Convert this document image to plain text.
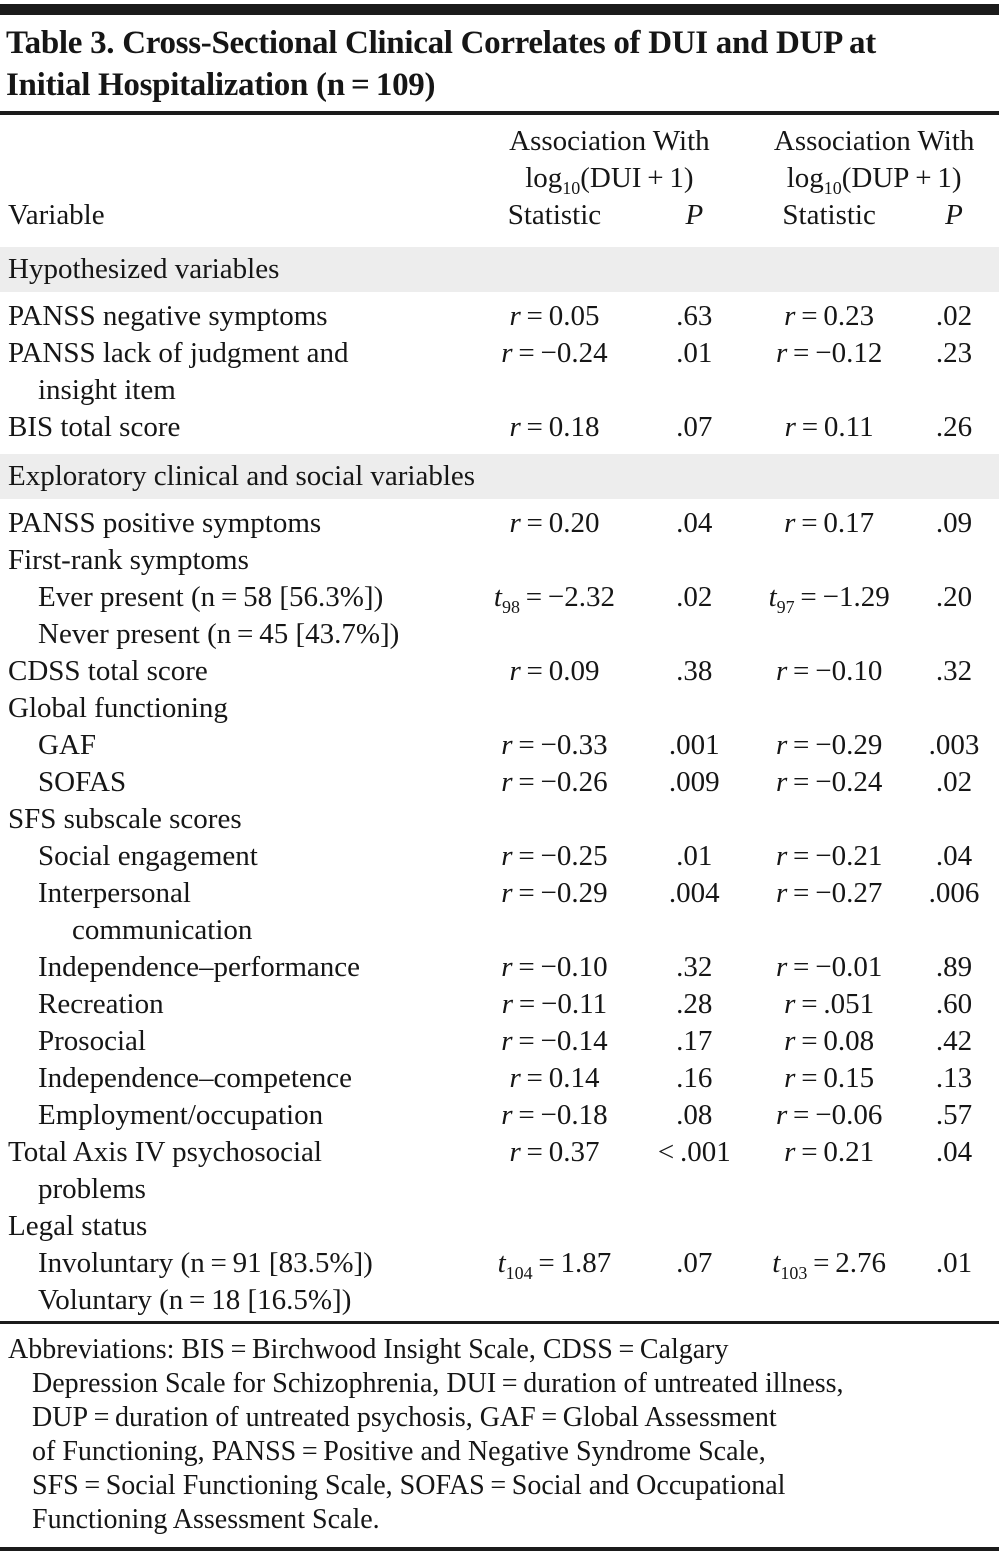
Table 3. Cross-Sectional Clinical Correlates of DUI and DUP at
Initial Hospitalization (n = 109)

Association With
$\log_{10}(DUI + 1)$

Association With
$\log_{10}(DUP + 1)$

Variable	Statistic	P	Statistic	P
Hypothesized variables				

PANSS negative symptoms	r = 0.05	.63	r = 0.23	.02

PANSS lack of judgment and
insight item	r = −0.24	.01	r = −0.12	.23

BIS total score	r = 0.18	.07	r = 0.11	.26
Exploratory clinical and social variables				

PANSS positive symptoms	r = 0.20	.04	r = 0.17	.09

First-rank symptoms				

Ever present (n = 58 [56.3%])	$t_{98} = -2.32$	.02	$t_{97} = -1.29$	.20

Never present (n = 45 [43.7%])				

CDSS total score	r = 0.09	.38	r = −0.10	.32

Global functioning				

GAF	r = −0.33	.001	r = −0.29	.003

SOFAS	r = −0.26	.009	r = −0.24	.02

SFS subscale scores				

Social engagement	r = −0.25	.01	r = −0.21	.04

Interpersonal
communication	r = −0.29	.004	r = −0.27	.006

Independence–performance	r = −0.10	.32	r = −0.01	.89

Recreation	r = −0.11	.28	r = .051	.60

Prosocial	r = −0.14	.17	r = 0.08	.42

Independence–competence	r = 0.14	.16	r = 0.15	.13

Employment/occupation	r = −0.18	.08	r = −0.06	.57

Total Axis IV psychosocial
problems	r = 0.37	< .001	r = 0.21	.04

Legal status				

Involuntary (n = 91 [83.5%])	$t_{104} = 1.87$	.07	$t_{103} = 2.76$	.01

Voluntary (n = 18 [16.5%])				

Abbreviations: BIS = Birchwood Insight Scale, CDSS = Calgary
Depression Scale for Schizophrenia, DUI = duration of untreated illness,
DUP = duration of untreated psychosis, GAF = Global Assessment
of Functioning, PANSS = Positive and Negative Syndrome Scale,
SFS = Social Functioning Scale, SOFAS = Social and Occupational
Functioning Assessment Scale.
